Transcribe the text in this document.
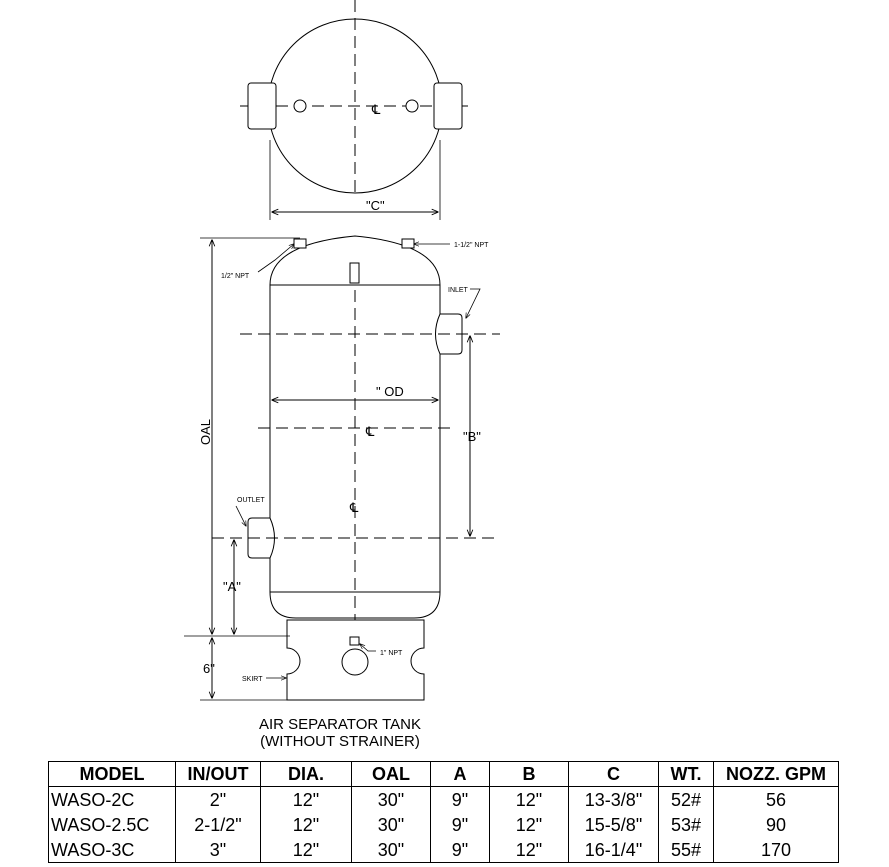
℄
"C"
" OD
℄
℄
OAL
6"
"A"
"B"
1-1/2" NPT
1/2" NPT
INLET
OUTLET
1" NPT
SKIRT
AIR SEPARATOR TANK
(WITHOUT STRAINER)
MODEL	IN/OUT	DIA.	OAL	A	B	C	WT.	NOZZ. GPM
WASO-2C	2"	12"	30"	9"	12"	13-3/8"	52#	56
WASO-2.5C	2-1/2"	12"	30"	9"	12"	15-5/8"	53#	90
WASO-3C	3"	12"	30"	9"	12"	16-1/4"	55#	170
